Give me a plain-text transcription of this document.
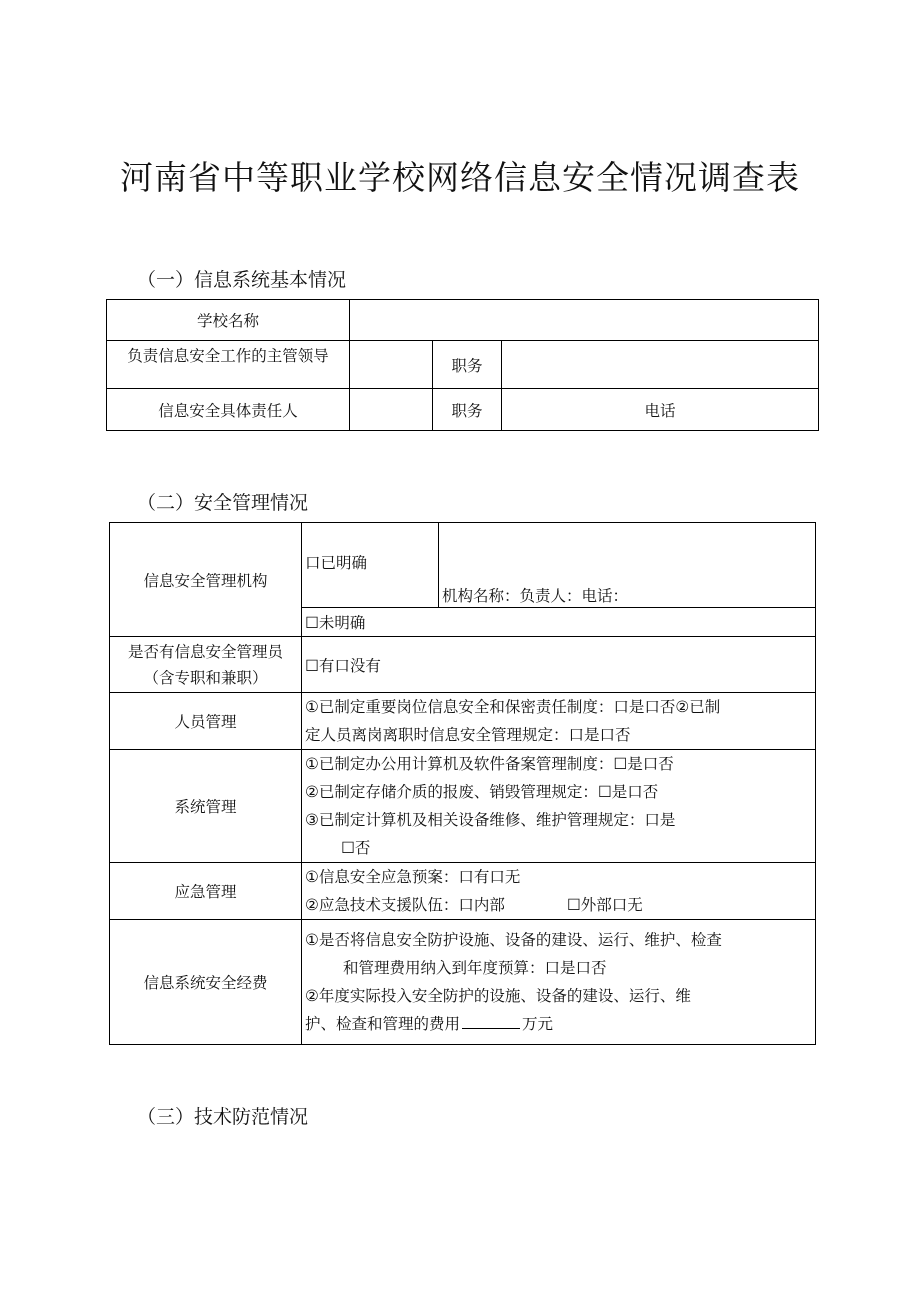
河南省中等职业学校网络信息安全情况调查表
（一）信息系统基本情况
学校名称			
负责信息安全工作的主管领导		职务	
信息安全具体责任人		职务	电话
（二）安全管理情况
信息安全管理机构	口已明确	机构名称：负责人：电话：
	☐未明确	

是否有信息安全管理员
（含专职和兼职）	☐有口没有	
人员管理	①已制定重要岗位信息安全和保密责任制度：口是口否②已制
定人员离岗离职时信息安全管理规定：口是口否	

系统管理	①已制定办公用计算机及软件备案管理制度：☐是口否
②已制定存储介质的报废、销毁管理规定：☐是口否
③已制定计算机及相关设备维修、维护管理规定：口是
☐否	

应急管理	①信息安全应急预案：口有口无
②应急技术支援队伍：口内部 ☐外部口无	

信息系统安全经费	①是否将信息安全防护设施、设备的建设、运行、维护、检查
和管理费用纳入到年度预算：口是口否
②年度实际投入安全防护的设施、设备的建设、运行、维
护、检查和管理的费用 万元	
（三）技术防范情况
